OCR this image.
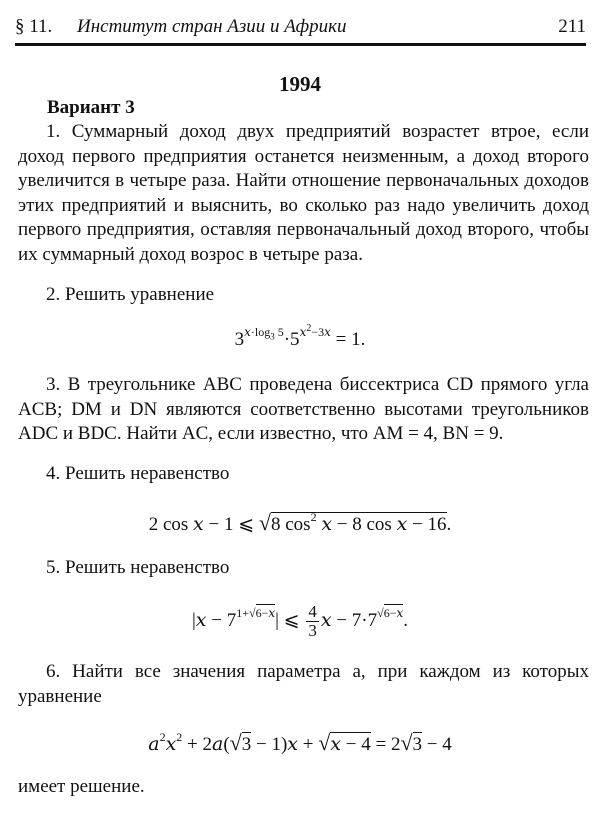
§ 11. Институт стран Азии и Африки	211
1994
Вариант 3

1. Суммарный доход двух предприятий возрастет втрое, если доход первого предприятия останется неизменным, а доход второго увеличится в четыре раза. Найти отношение первоначальных доходов этих предприятий и выяснить, во сколько раз надо увеличить доход первого предприятия, оставляя первоначальный доход второго, чтобы их суммарный доход возрос в четыре раза.

2. Решить уравнение

$3^{x\cdot log_3 5}\cdot 5^{x^2-3x} = 1$.

3. В треугольнике ABC проведена биссектриса CD прямого угла ACB; DM и DN являются соответственно высотами треугольников ADC и BDC. Найти AC, если известно, что AM = 4, BN = 9.

4. Решить неравенство

2 cos x − 1 ⩽ √8 $\cos^2 x - 8$ cos x − 16.

5. Решить неравенство

$|x - 7^{1+√6-x}|$ ⩽ $\frac{4}{3}$ $x - 7\cdot 7^{√6-x}$.

6. Найти все значения параметра a, при каждом из которых уравнение

$a^2x^2 + 2a(√3 - 1)x + √x - 4 = 2√3 - 4$

имеет решение.
